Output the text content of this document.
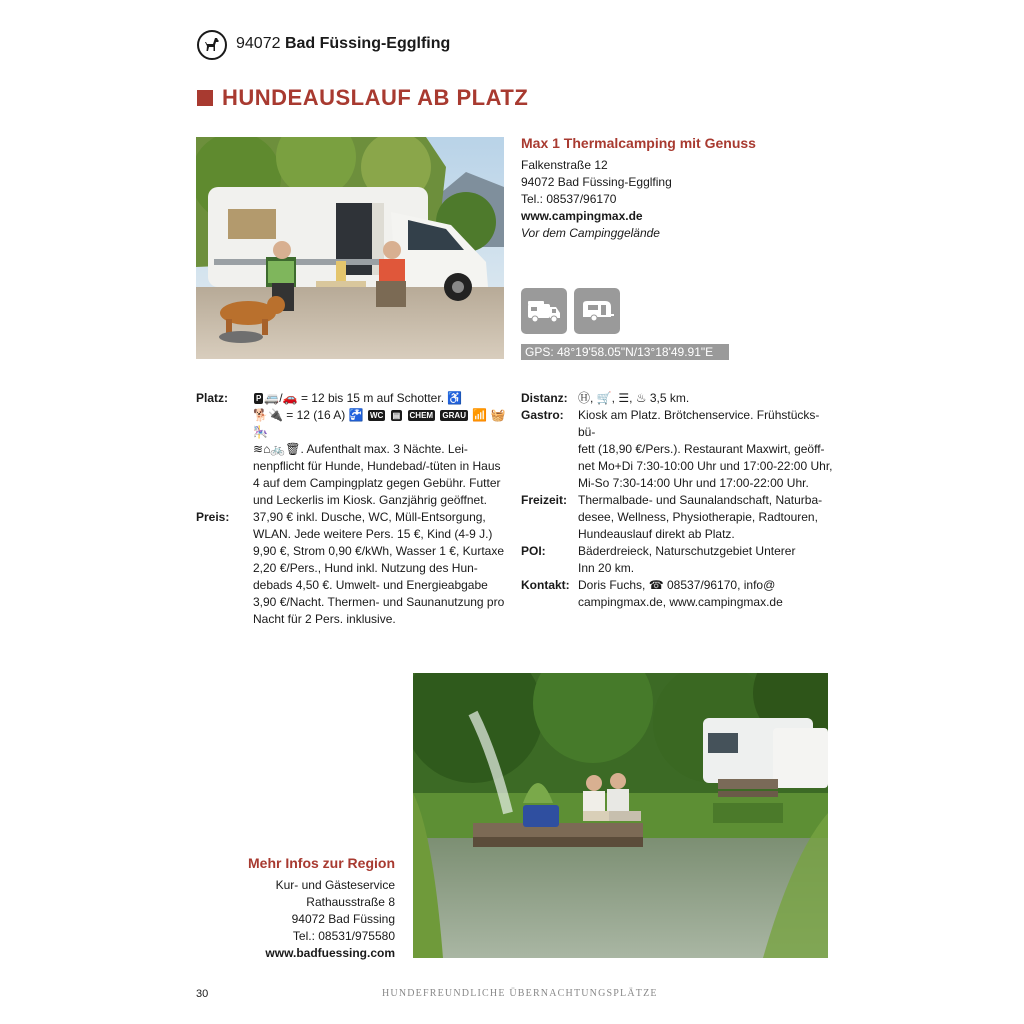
94072 Bad Füssing-Egglfing
HUNDEAUSLAUF AB PLATZ
Max 1 Thermalcamping mit Genuss
Falkenstraße 12
94072 Bad Füssing-Egglfing
Tel.: 08537/96170
www.campingmax.de
Vor dem Campinggelände
GPS: 48°19'58.05"N/13°18'49.91"E
Platz:	P 🚐/🚗 = 12 bis 15 m auf Schotter. ♿
🐕🔌 = 12 (16 A) 🚰 WC ▤ CHEM GRAU 📶 🧺 🎠
≋⌂🚲🗑. Aufenthalt max. 3 Nächte. Lei-
nenpflicht für Hunde, Hundebad/-tüten in Haus
4 auf dem Campingplatz gegen Gebühr. Futter
und Leckerlis im Kiosk. Ganzjährig geöffnet.
Preis:	37,90 € inkl. Dusche, WC, Müll-Entsorgung,
WLAN. Jede weitere Pers. 15 €, Kind (4-9 J.)
9,90 €, Strom 0,90 €/kWh, Wasser 1 €, Kurtaxe
2,20 €/Pers., Hund inkl. Nutzung des Hun-
debads 4,50 €. Umwelt- und Energieabgabe
3,90 €/Nacht. Thermen- und Saunanutzung pro
Nacht für 2 Pers. inklusive.
Distanz: Ⓗ, 🛒, ☰, ♨ 3,5 km.
Gastro:	Kiosk am Platz. Brötchenservice. Frühstücks-bü-
fett (18,90 €/Pers.). Restaurant Maxwirt, geöff-
net Mo+Di 7:30-10:00 Uhr und 17:00-22:00 Uhr,
Mi-So 7:30-14:00 Uhr und 17:00-22:00 Uhr.
Freizeit: Thermalbade- und Saunalandschaft, Naturba-
desee, Wellness, Physiotherapie, Radtouren,
Hundeauslauf direkt ab Platz.
POI:	Bäderdreieck, Naturschutzgebiet Unterer
Inn 20 km.
Kontakt: Doris Fuchs, ☎ 08537/96170, info@
campingmax.de, www.campingmax.de
Mehr Infos zur Region
Kur- und Gästeservice
Rathausstraße 8
94072 Bad Füssing
Tel.: 08531/975580
www.badfuessing.com
30	HUNDEFREUNDLICHE ÜBERNACHTUNGSPLÄTZE
